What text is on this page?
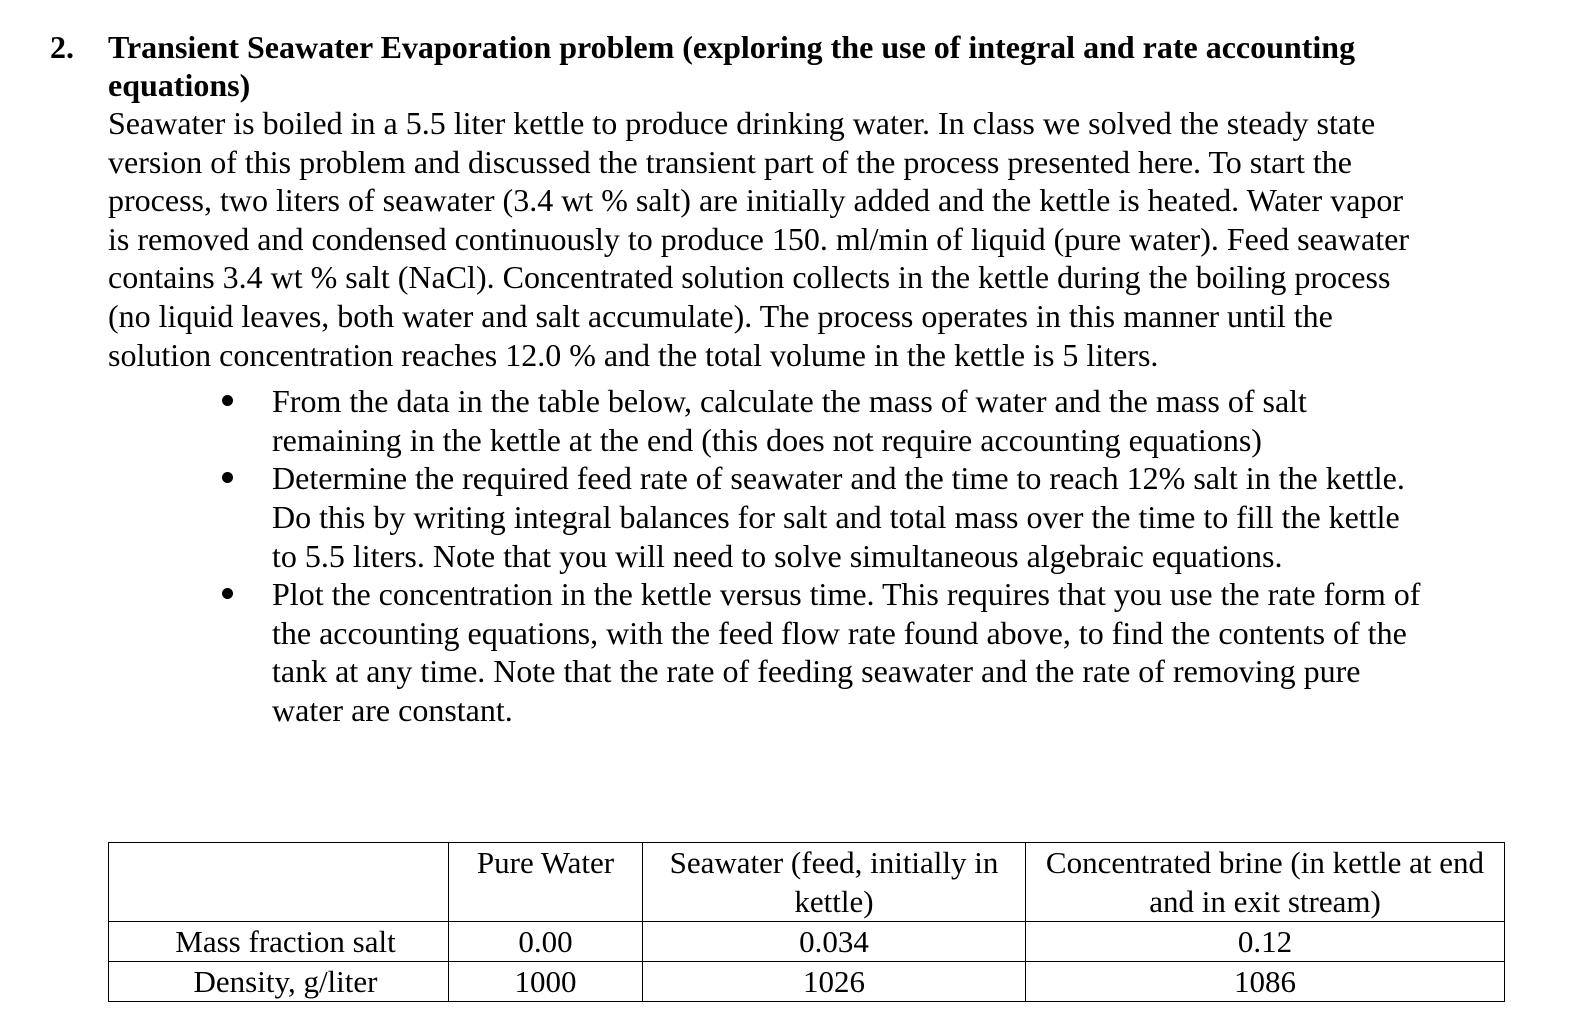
2.	Transient Seawater Evaporation problem (exploring the use of integral and rate accounting equations)
Seawater is boiled in a 5.5 liter kettle to produce drinking water. In class we solved the steady state version of this problem and discussed the transient part of the process presented here. To start the process, two liters of seawater (3.4 wt % salt) are initially added and the kettle is heated. Water vapor is removed and condensed continuously to produce 150. ml/min of liquid (pure water). Feed seawater contains 3.4 wt % salt (NaCl). Concentrated solution collects in the kettle during the boiling process (no liquid leaves, both water and salt accumulate). The process operates in this manner until the solution concentration reaches 12.0 % and the total volume in the kettle is 5 liters.
From the data in the table below, calculate the mass of water and the mass of salt remaining in the kettle at the end (this does not require accounting equations)
Determine the required feed rate of seawater and the time to reach 12% salt in the kettle. Do this by writing integral balances for salt and total mass over the time to fill the kettle to 5.5 liters. Note that you will need to solve simultaneous algebraic equations.
Plot the concentration in the kettle versus time. This requires that you use the rate form of the accounting equations, with the feed flow rate found above, to find the contents of the tank at any time. Note that the rate of feeding seawater and the rate of removing pure water are constant.
	Pure Water	Seawater (feed, initially in kettle)	Concentrated brine (in kettle at end and in exit stream)
Mass fraction salt	0.00	0.034	0.12
Density, g/liter	1000	1026	1086
